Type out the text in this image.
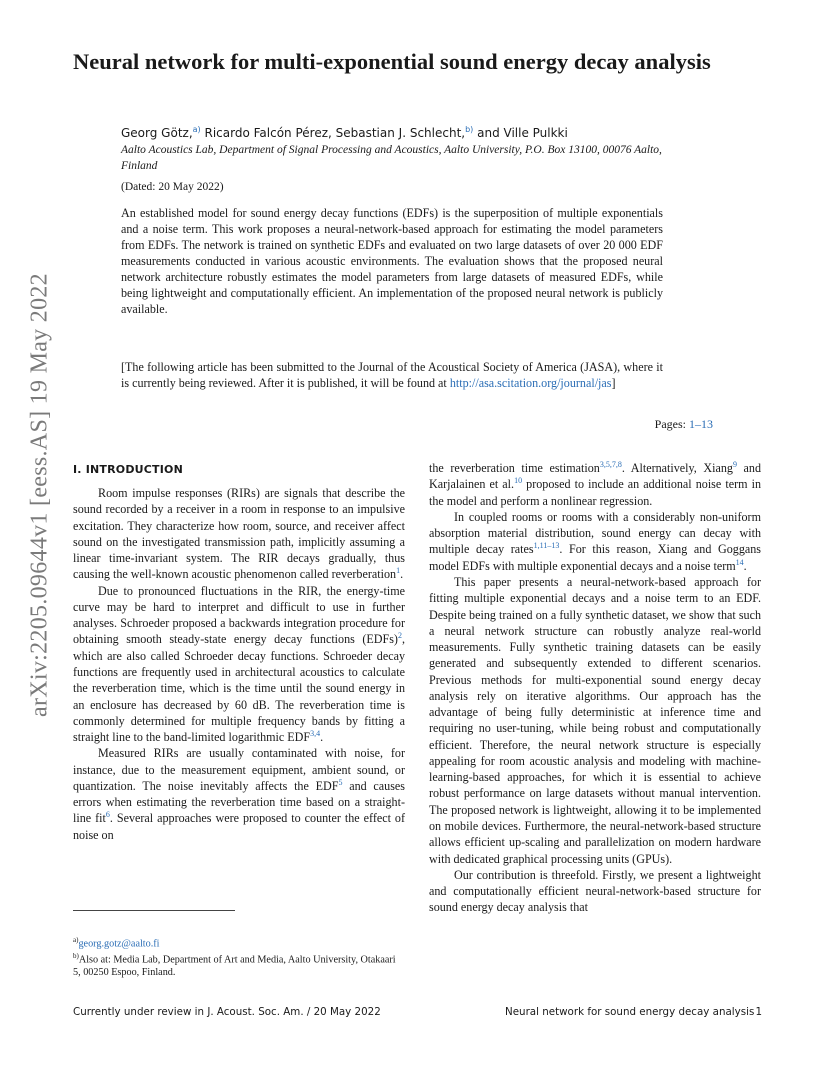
arXiv:2205.09644v1 [eess.AS] 19 May 2022
Neural network for multi-exponential sound energy decay analysis
Georg Götz,$^{a)}$ Ricardo Falcón Pérez, Sebastian J. Schlecht,$^{b)}$ and Ville Pulkki
Aalto Acoustics Lab, Department of Signal Processing and Acoustics, Aalto University, P.O. Box 13100, 00076 Aalto, Finland
(Dated: 20 May 2022)

An established model for sound energy decay functions (EDFs) is the superposition of multiple exponentials and a noise term. This work proposes a neural-network-based approach for estimating the model parameters from EDFs. The network is trained on synthetic EDFs and evaluated on two large datasets of over 20 000 EDF measurements conducted in various acoustic environments. The evaluation shows that the proposed neural network architecture robustly estimates the model parameters from large datasets of measured EDFs, while being lightweight and computationally efficient. An implementation of the proposed neural network is publicly available.

[The following article has been submitted to the Journal of the Acoustical Society of America (JASA), where it is currently being reviewed. After it is published, it will be found at http://asa.scitation.org/journal/jas]

Pages: 1–13
I. INTRODUCTION

Room impulse responses (RIRs) are signals that describe the sound recorded by a receiver in a room in response to an impulsive excitation. They characterize how room, source, and receiver affect sound on the investigated transmission path, implicitly assuming a linear time-invariant system. The RIR decays gradually, thus causing the well-known acoustic phenomenon called reverberation$^1$.

Due to pronounced fluctuations in the RIR, the energy-time curve may be hard to interpret and difficult to use in further analyses. Schroeder proposed a backwards integration procedure for obtaining smooth steady-state energy decay functions (EDFs)$^2$, which are also called Schroeder decay functions. Schroeder decay functions are frequently used in architectural acoustics to calculate the reverberation time, which is the time until the sound energy in an enclosure has decreased by 60 dB. The reverberation time is commonly determined for multiple frequency bands by fitting a straight line to the band-limited logarithmic EDF$^{3,4}$.

Measured RIRs are usually contaminated with noise, for instance, due to the measurement equipment, ambient sound, or quantization. The noise inevitably affects the EDF$^5$ and causes errors when estimating the reverberation time based on a straight-line fit$^6$. Several approaches were proposed to counter the effect of noise on

the reverberation time estimation$^{3,5,7,8}$. Alternatively, Xiang$^9$ and Karjalainen et al.$^{10}$ proposed to include an additional noise term in the model and perform a nonlinear regression.

In coupled rooms or rooms with a considerably non-uniform absorption material distribution, sound energy can decay with multiple decay rates$^{1,11-13}$. For this reason, Xiang and Goggans model EDFs with multiple exponential decays and a noise term$^{14}$.

This paper presents a neural-network-based approach for fitting multiple exponential decays and a noise term to an EDF. Despite being trained on a fully synthetic dataset, we show that such a neural network structure can robustly analyze real-world measurements. Fully synthetic training datasets can be easily generated and subsequently extended to different scenarios. Previous methods for multi-exponential sound energy decay analysis rely on iterative algorithms. Our approach has the advantage of being fully deterministic at inference time and requiring no user-tuning, while being robust and computationally efficient. Therefore, the neural network structure is especially appealing for room acoustic analysis and modeling with machine-learning-based approaches, for which it is essential to achieve robust performance on large datasets without manual intervention. The proposed network is lightweight, allowing it to be implemented on mobile devices. Furthermore, the neural-network-based structure allows efficient up-scaling and parallelization on modern hardware with dedicated graphical processing units (GPUs).

Our contribution is threefold. Firstly, we present a lightweight and computationally efficient neural-network-based structure for sound energy decay analysis that

$^{a)}$georg.gotz@aalto.fi
$^{b)}$Also at: Media Lab, Department of Art and Media, Aalto University, Otakaari 5, 00250 Espoo, Finland.
Currently under review in J. Acoust. Soc. Am. / 20 May 2022	Neural network for sound energy decay analysis 1
